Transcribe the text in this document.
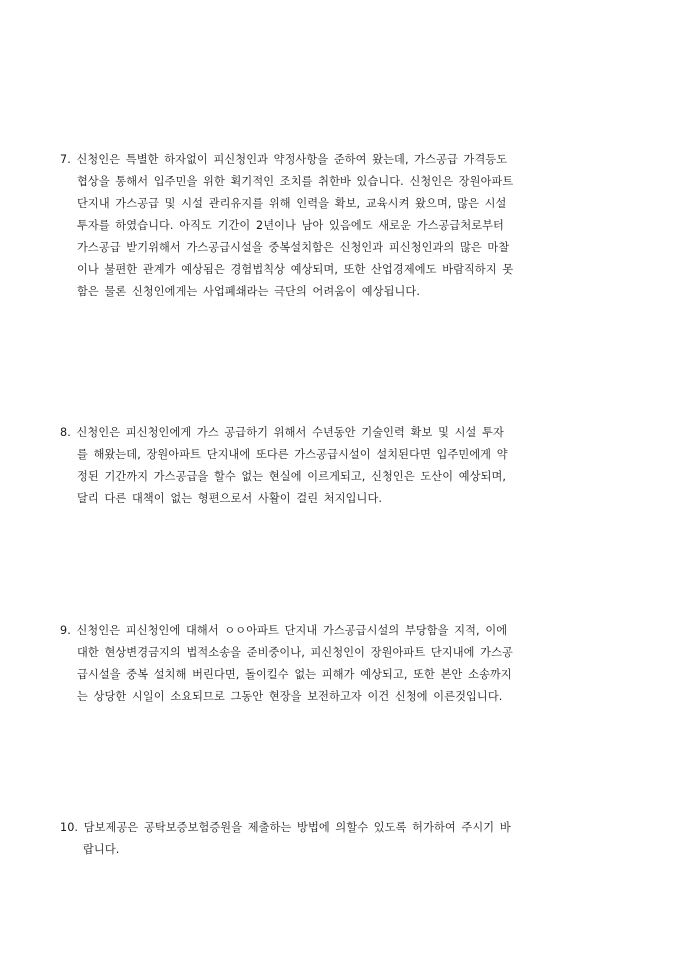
7. 신청인은 특별한 하자없이 피신청인과 약정사항을 준하여 왔는데, 가스공급 가격등도
협상을 통해서 입주민을 위한 획기적인 조치를 취한바 있습니다. 신청인은 장원아파트
단지내 가스공급 및 시설 관리유지를 위해 인력을 확보, 교육시켜 왔으며, 많은 시설
투자를 하였습니다. 아직도 기간이 2년이나 남아 있음에도 새로운 가스공급처로부터
가스공급 받기위해서 가스공급시설을 중복설치함은 신청인과 피신청인과의 많은 마찰
이나 불편한 관계가 예상됨은 경험법칙상 예상되며, 또한 산업경제에도 바람직하지 못
함은 물론 신청인에게는 사업폐쇄라는 극단의 어려움이 예상됩니다.
8. 신청인은 피신청인에게 가스 공급하기 위해서 수년동안 기술인력 확보 및 시설 투자
를 해왔는데, 장원아파트 단지내에 또다른 가스공급시설이 설치된다면 입주민에게 약
정된 기간까지 가스공급을 할수 없는 현실에 이르게되고, 신청인은 도산이 예상되며,
달리 다른 대책이 없는 형편으로서 사활이 걸린 처지입니다.
9. 신청인은 피신청인에 대해서 ㅇㅇ아파트 단지내 가스공급시설의 부당함을 지적, 이에
대한 현상변경금지의 법적소송을 준비중이나, 피신청인이 장원아파트 단지내에 가스공
급시설을 중복 설치해 버린다면, 돌이킬수 없는 피해가 예상되고, 또한 본안 소송까지
는 상당한 시일이 소요되므로 그동안 현장을 보전하고자 이건 신청에 이른것입니다.
10. 담보제공은 공탁보증보험증원을 제출하는 방법에 의할수 있도록 허가하여 주시기 바
랍니다.
